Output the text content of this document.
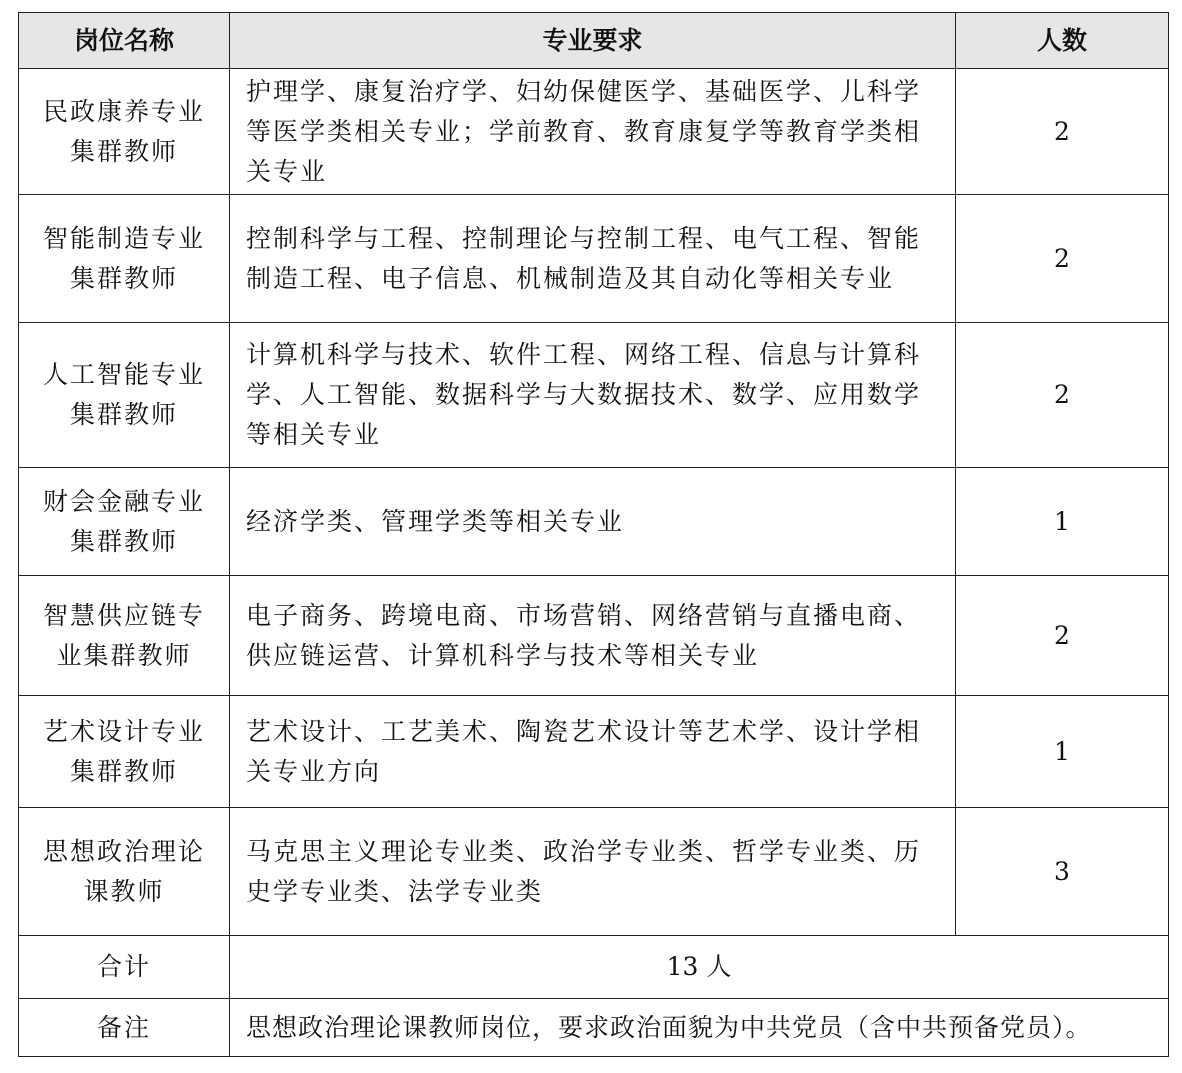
岗位名称	专业要求	人数
民政康养专业集群教师	护理学、康复治疗学、妇幼保健医学、基础医学、儿科学等医学类相关专业；学前教育、教育康复学等教育学类相关专业	2
智能制造专业集群教师	控制科学与工程、控制理论与控制工程、电气工程、智能制造工程、电子信息、机械制造及其自动化等相关专业	2
人工智能专业集群教师	计算机科学与技术、软件工程、网络工程、信息与计算科学、人工智能、数据科学与大数据技术、数学、应用数学等相关专业	2
财会金融专业集群教师	经济学类、管理学类等相关专业	1
智慧供应链专业集群教师	电子商务、跨境电商、市场营销、网络营销与直播电商、供应链运营、计算机科学与技术等相关专业	2
艺术设计专业集群教师	艺术设计、工艺美术、陶瓷艺术设计等艺术学、设计学相关专业方向	1
思想政治理论课教师	马克思主义理论专业类、政治学专业类、哲学专业类、历史学专业类、法学专业类	3
合计	13 人	
备注	思想政治理论课教师岗位，要求政治面貌为中共党员（含中共预备党员）。	
